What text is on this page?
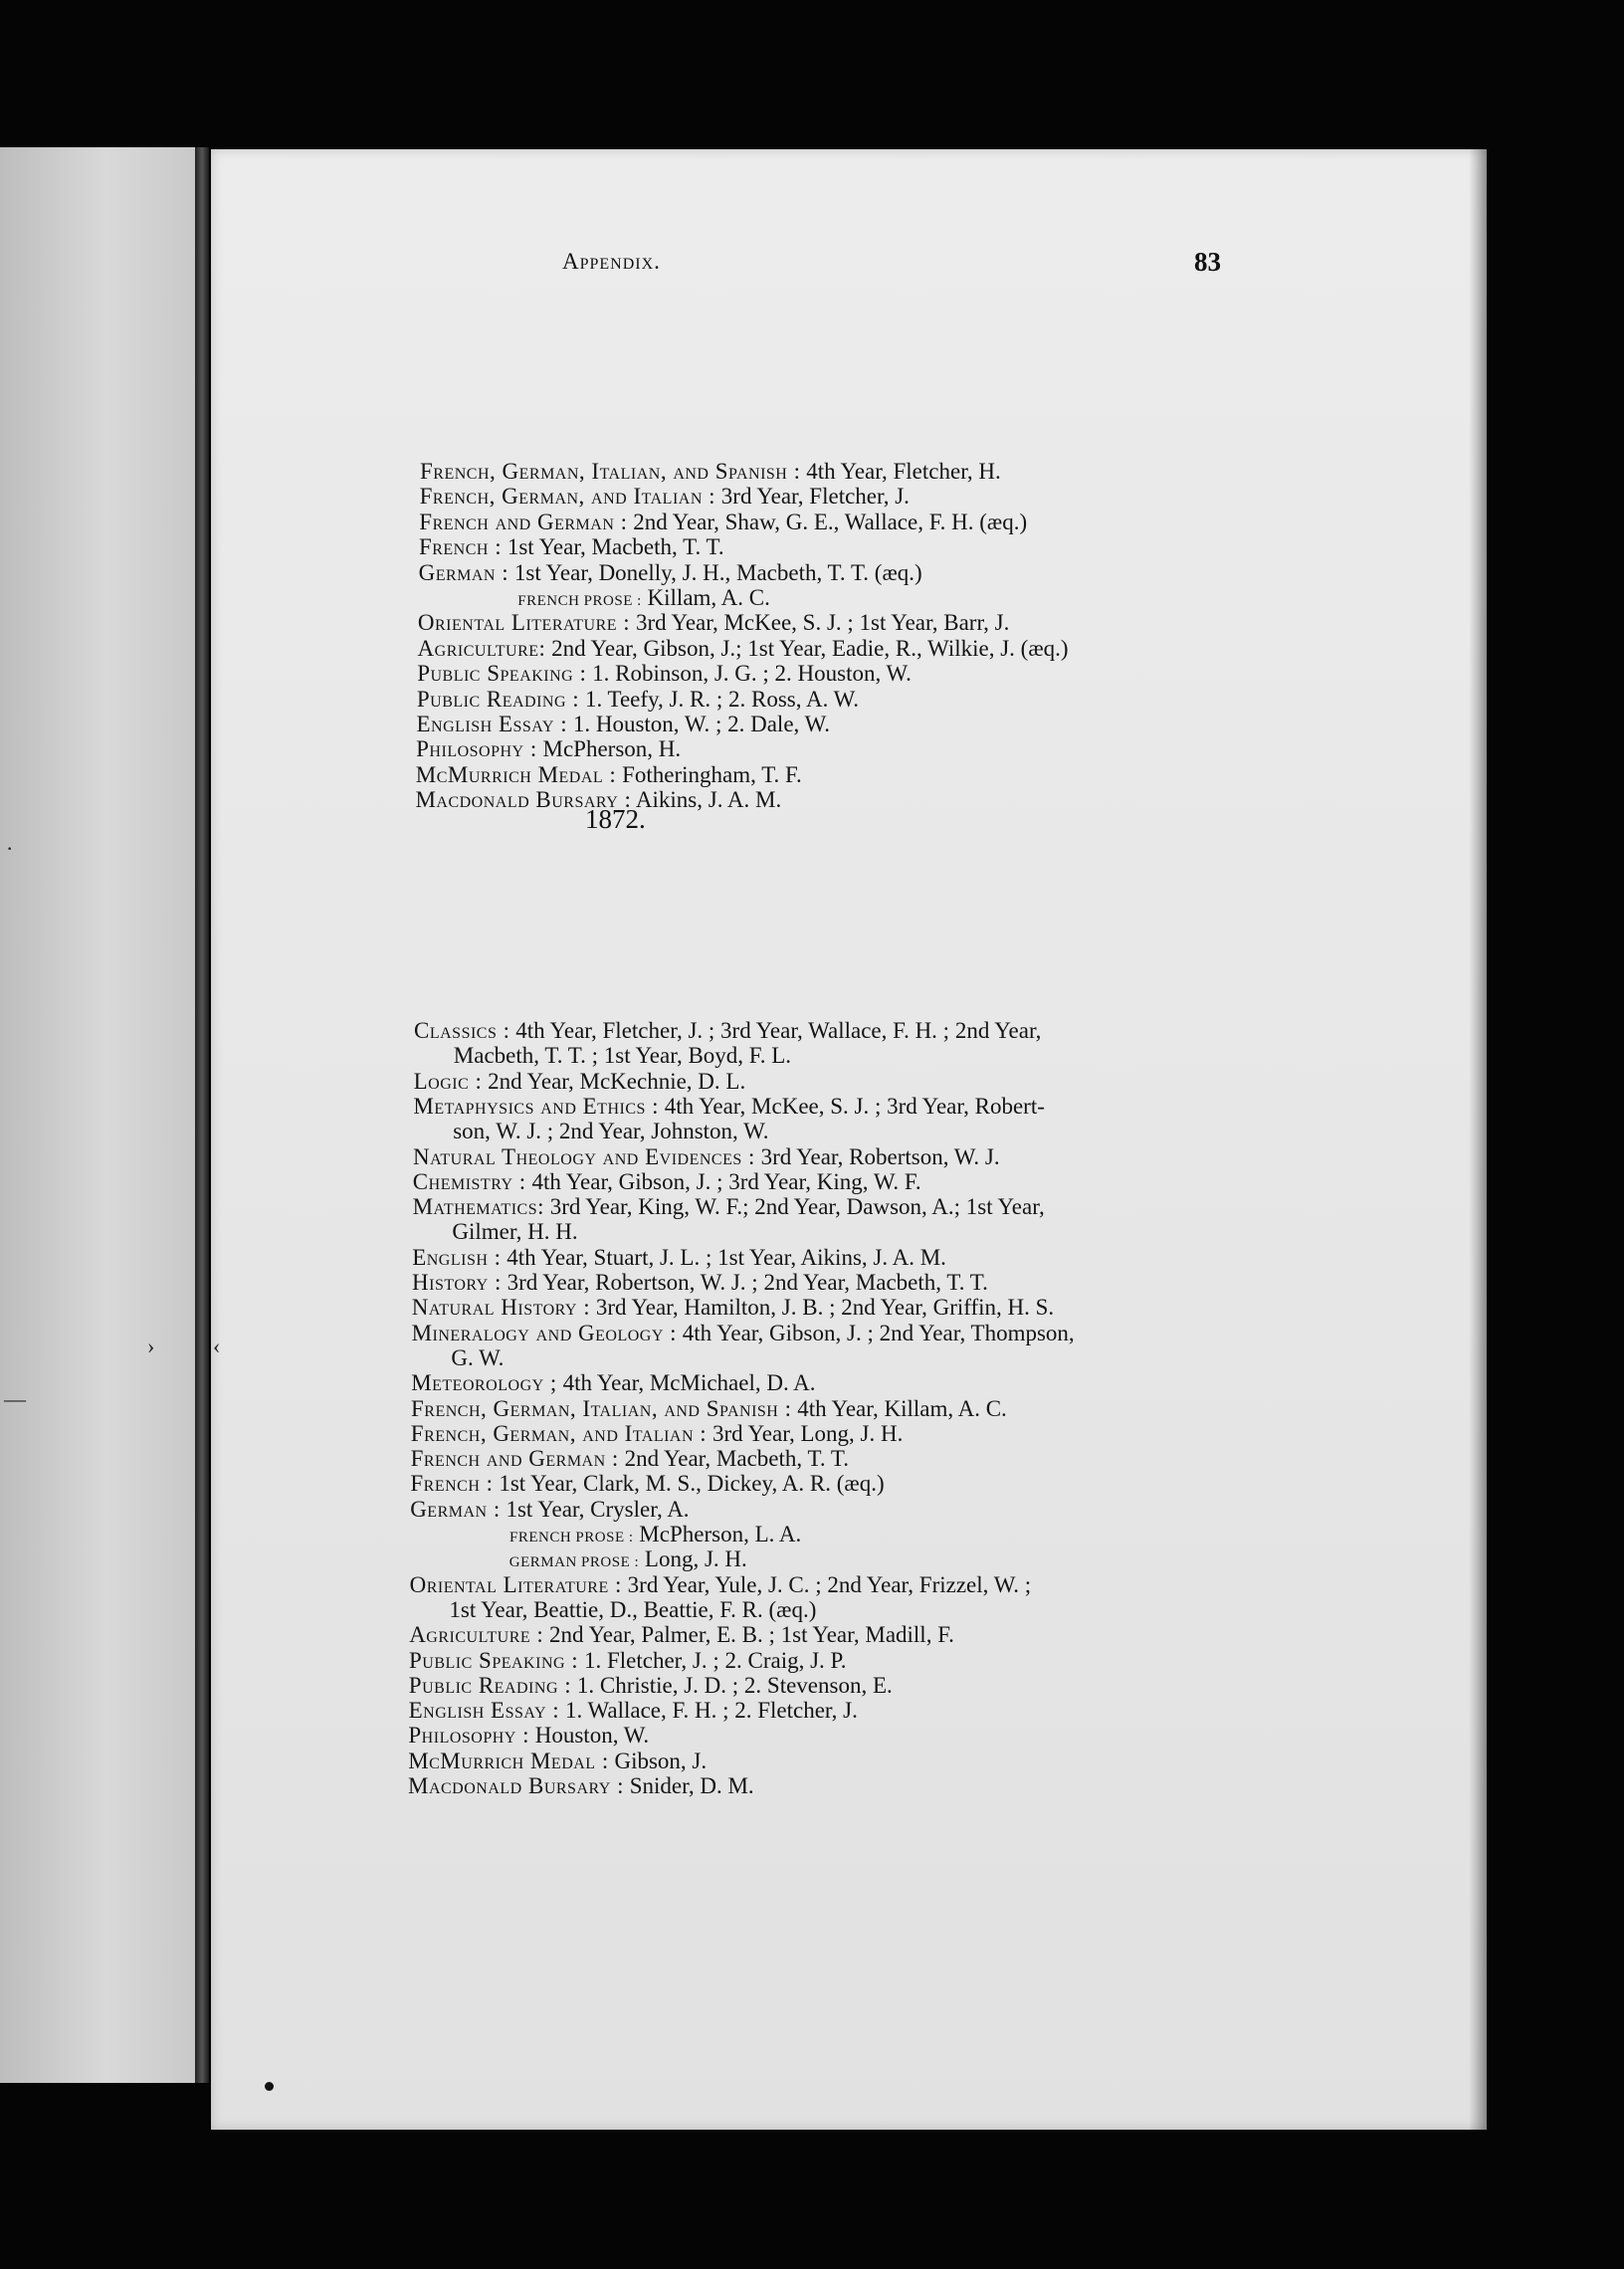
Appendix.	83
French, German, Italian, and Spanish : 4th Year, Fletcher, H.
French, German, and Italian : 3rd Year, Fletcher, J.
French and German : 2nd Year, Shaw, G. E., Wallace, F. H. (æq.)
French : 1st Year, Macbeth, T. T.
German : 1st Year, Donelly, J. H., Macbeth, T. T. (æq.)
FRENCH PROSE : Killam, A. C.
Oriental Literature : 3rd Year, McKee, S. J. ; 1st Year, Barr, J.
Agriculture: 2nd Year, Gibson, J.; 1st Year, Eadie, R., Wilkie, J. (æq.)
Public Speaking : 1. Robinson, J. G. ; 2. Houston, W.
Public Reading : 1. Teefy, J. R. ; 2. Ross, A. W.
English Essay : 1. Houston, W. ; 2. Dale, W.
Philosophy : McPherson, H.
McMurrich Medal : Fotheringham, T. F.
Macdonald Bursary : Aikins, J. A. M.
1872.
Classics : 4th Year, Fletcher, J. ; 3rd Year, Wallace, F. H. ; 2nd Year,
Macbeth, T. T. ; 1st Year, Boyd, F. L.
Logic : 2nd Year, McKechnie, D. L.
Metaphysics and Ethics : 4th Year, McKee, S. J. ; 3rd Year, Robert-
son, W. J. ; 2nd Year, Johnston, W.
Natural Theology and Evidences : 3rd Year, Robertson, W. J.
Chemistry : 4th Year, Gibson, J. ; 3rd Year, King, W. F.
Mathematics: 3rd Year, King, W. F.; 2nd Year, Dawson, A.; 1st Year,
Gilmer, H. H.
English : 4th Year, Stuart, J. L. ; 1st Year, Aikins, J. A. M.
History : 3rd Year, Robertson, W. J. ; 2nd Year, Macbeth, T. T.
Natural History : 3rd Year, Hamilton, J. B. ; 2nd Year, Griffin, H. S.
Mineralogy and Geology : 4th Year, Gibson, J. ; 2nd Year, Thompson,
G. W.
Meteorology ; 4th Year, McMichael, D. A.
French, German, Italian, and Spanish : 4th Year, Killam, A. C.
French, German, and Italian : 3rd Year, Long, J. H.
French and German : 2nd Year, Macbeth, T. T.
French : 1st Year, Clark, M. S., Dickey, A. R. (æq.)
German : 1st Year, Crysler, A.
FRENCH PROSE : McPherson, L. A.
GERMAN PROSE : Long, J. H.
Oriental Literature : 3rd Year, Yule, J. C. ; 2nd Year, Frizzel, W. ;
1st Year, Beattie, D., Beattie, F. R. (æq.)
Agriculture : 2nd Year, Palmer, E. B. ; 1st Year, Madill, F.
Public Speaking : 1. Fletcher, J. ; 2. Craig, J. P.
Public Reading : 1. Christie, J. D. ; 2. Stevenson, E.
English Essay : 1. Wallace, F. H. ; 2. Fletcher, J.
Philosophy : Houston, W.
McMurrich Medal : Gibson, J.
Macdonald Bursary : Snider, D. M.
·
—
›	‹
